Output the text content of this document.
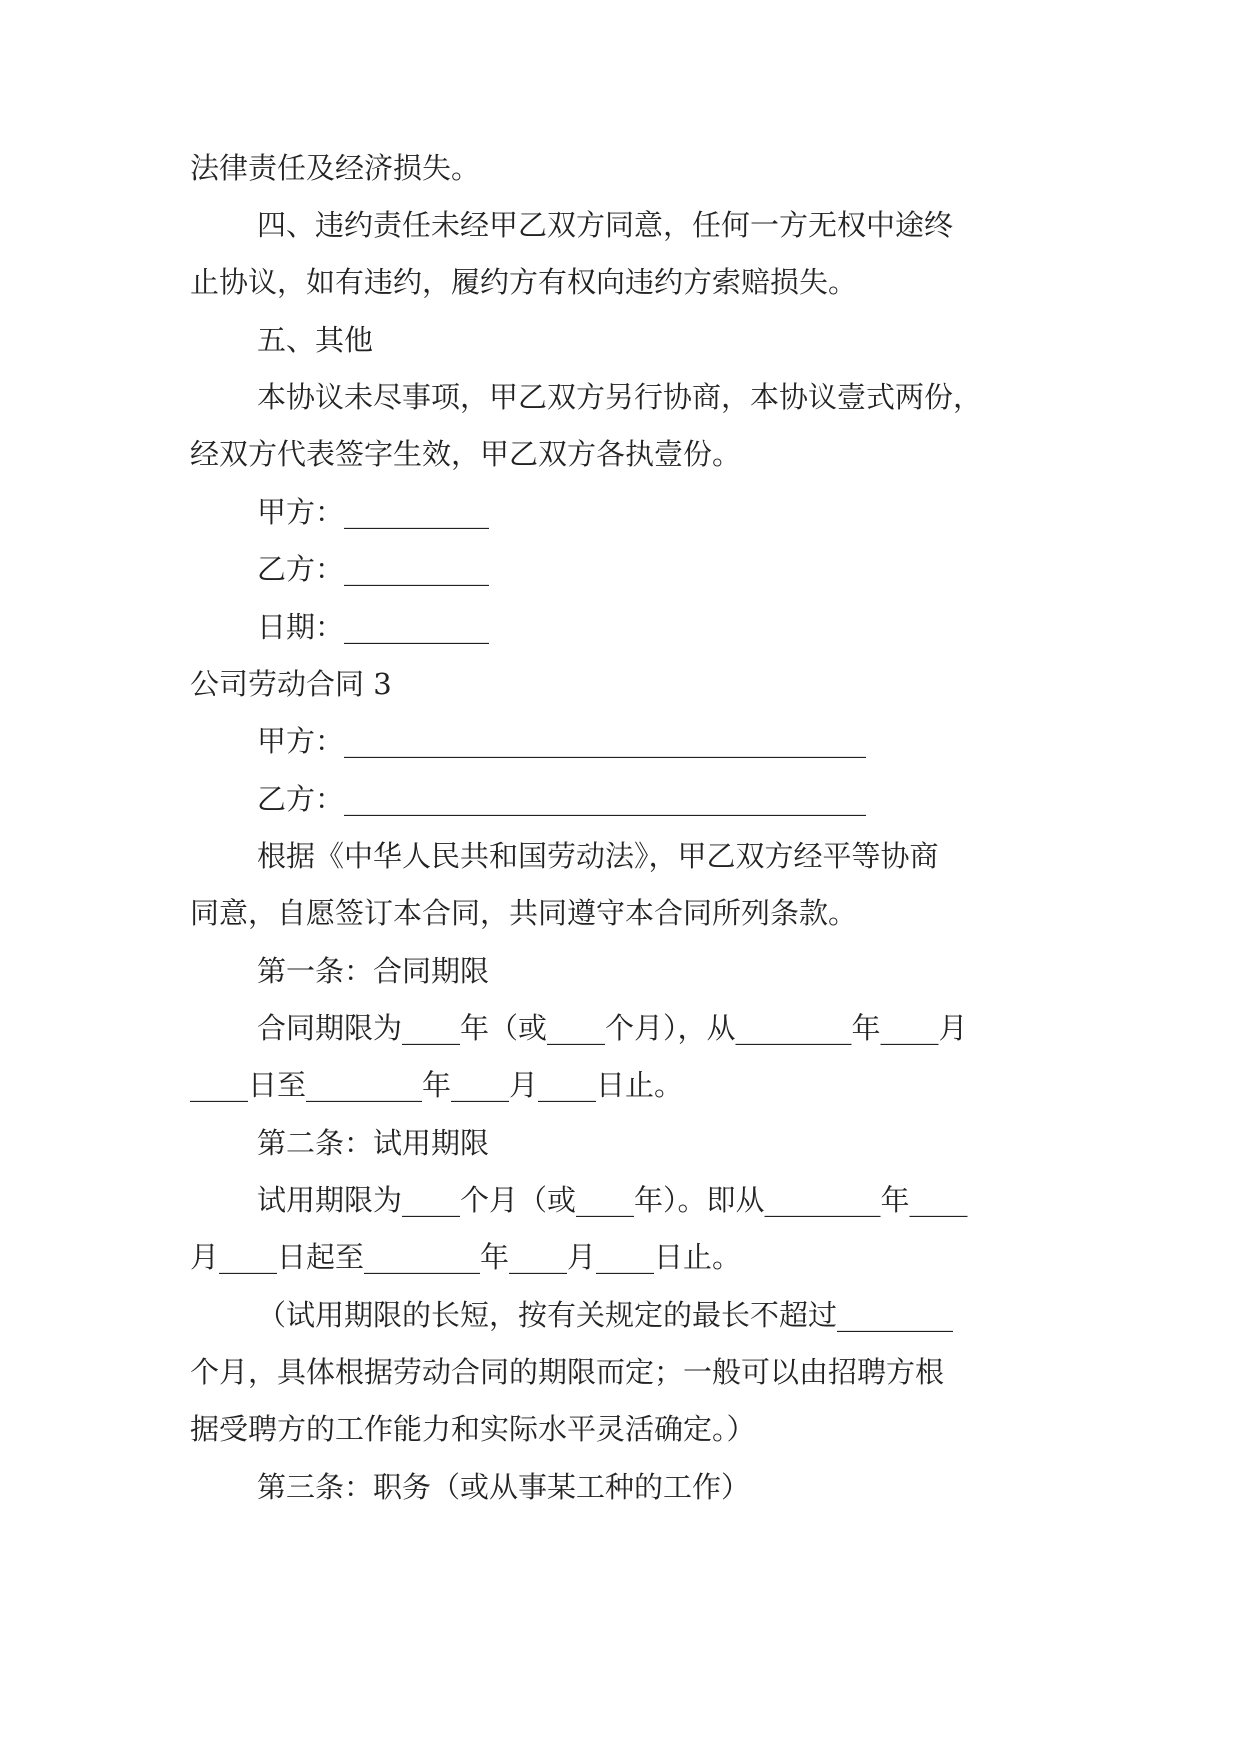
法律责任及经济损失。
四、违约责任未经甲乙双方同意，任何一方无权中途终
止协议，如有违约，履约方有权向违约方索赔损失。
五、其他
本协议未尽事项，甲乙双方另行协商，本协议壹式两份，
经双方代表签字生效，甲乙双方各执壹份。
甲方：__________
乙方：__________
日期：__________
公司劳动合同 3
甲方：____________________________________
乙方：____________________________________
根据《中华人民共和国劳动法》，甲乙双方经平等协商
同意，自愿签订本合同，共同遵守本合同所列条款。
第一条：合同期限
合同期限为____年（或____个月），从________年____月
____日至________年____月____日止。
第二条：试用期限
试用期限为____个月（或____年）。即从________年____
月____日起至________年____月____日止。
（试用期限的长短，按有关规定的最长不超过________
个月，具体根据劳动合同的期限而定；一般可以由招聘方根
据受聘方的工作能力和实际水平灵活确定。）
第三条：职务（或从事某工种的工作）
